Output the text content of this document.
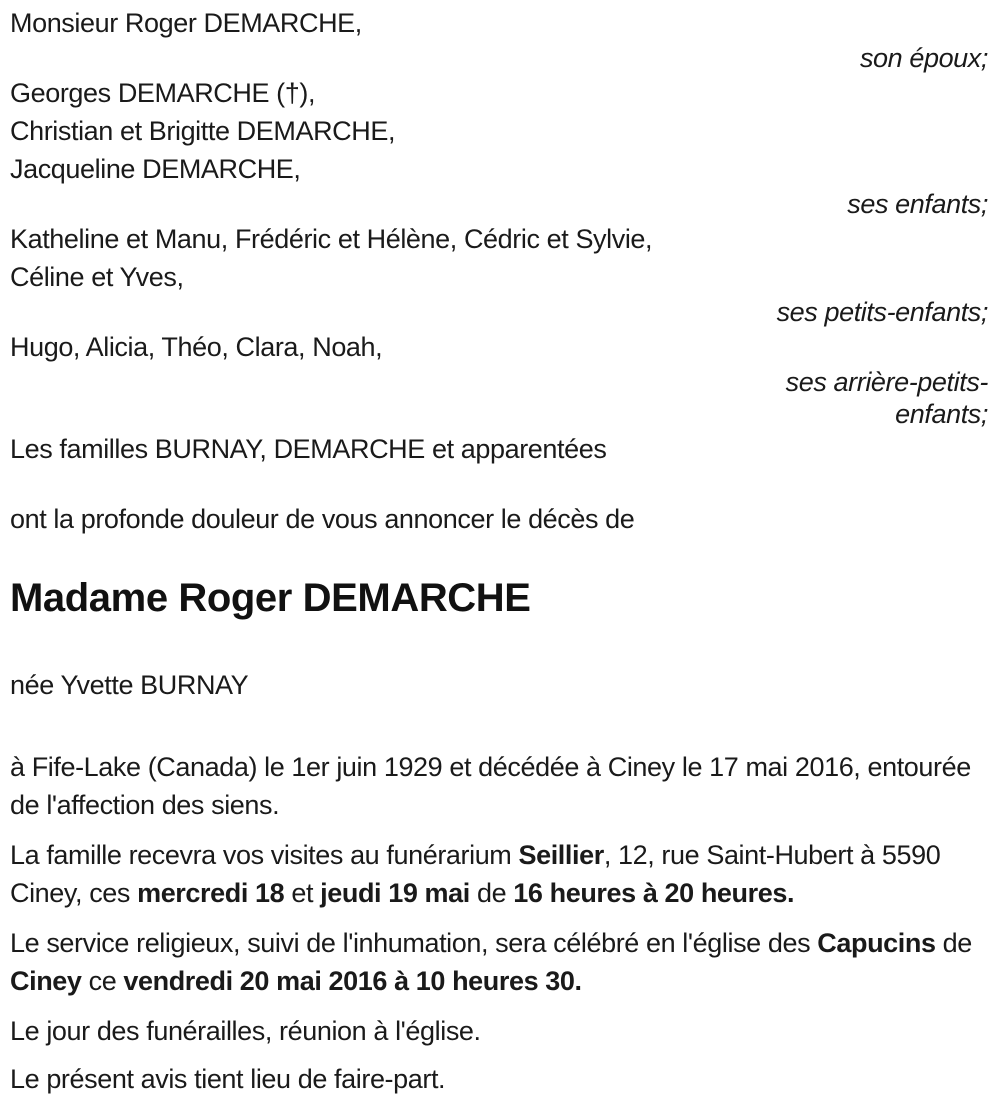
Monsieur Roger DEMARCHE,
son époux;
Georges DEMARCHE (†),
Christian et Brigitte DEMARCHE,
Jacqueline DEMARCHE,
ses enfants;
Katheline et Manu, Frédéric et Hélène, Cédric et Sylvie,
Céline et Yves,
ses petits-enfants;
Hugo, Alicia, Théo, Clara, Noah,
ses arrière-petits-enfants;
Les familles BURNAY, DEMARCHE et apparentées
ont la profonde douleur de vous annoncer le décès de
Madame Roger DEMARCHE
née Yvette BURNAY
à Fife-Lake (Canada) le 1er juin 1929 et décédée à Ciney le 17 mai 2016, entourée de l'affection des siens.
La famille recevra vos visites au funérarium Seillier, 12, rue Saint-Hubert à 5590 Ciney, ces mercredi 18 et jeudi 19 mai de 16 heures à 20 heures.
Le service religieux, suivi de l'inhumation, sera célébré en l'église des Capucins de Ciney ce vendredi 20 mai 2016 à 10 heures 30.
Le jour des funérailles, réunion à l'église.
Le présent avis tient lieu de faire-part.
